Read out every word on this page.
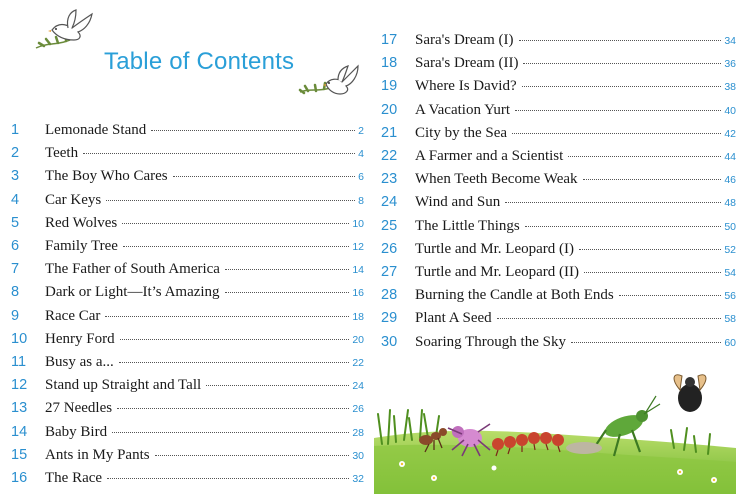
Table of Contents
1	Lemonade Stand	2
2	Teeth	4
3	The Boy Who Cares	6
4	Car Keys	8
5	Red Wolves	10
6	Family Tree	12
7	The Father of South America	14
8	Dark or Light—It’s Amazing	16
9	Race Car	18
10	Henry Ford	20
11	Busy as a...	22
12	Stand up Straight and Tall	24
13	27 Needles	26
14	Baby Bird	28
15	Ants in My Pants	30
16	The Race	32
17	Sara's Dream (I)	34
18	Sara's Dream (II)	36
19	Where Is David?	38
20	A Vacation Yurt	40
21	City by the Sea	42
22	A Farmer and a Scientist	44
23	When Teeth Become Weak	46
24	Wind and Sun	48
25	The Little Things	50
26	Turtle and Mr. Leopard (I)	52
27	Turtle and Mr. Leopard (II)	54
28	Burning the Candle at Both Ends	56
29	Plant A Seed	58
30	Soaring Through the Sky	60
